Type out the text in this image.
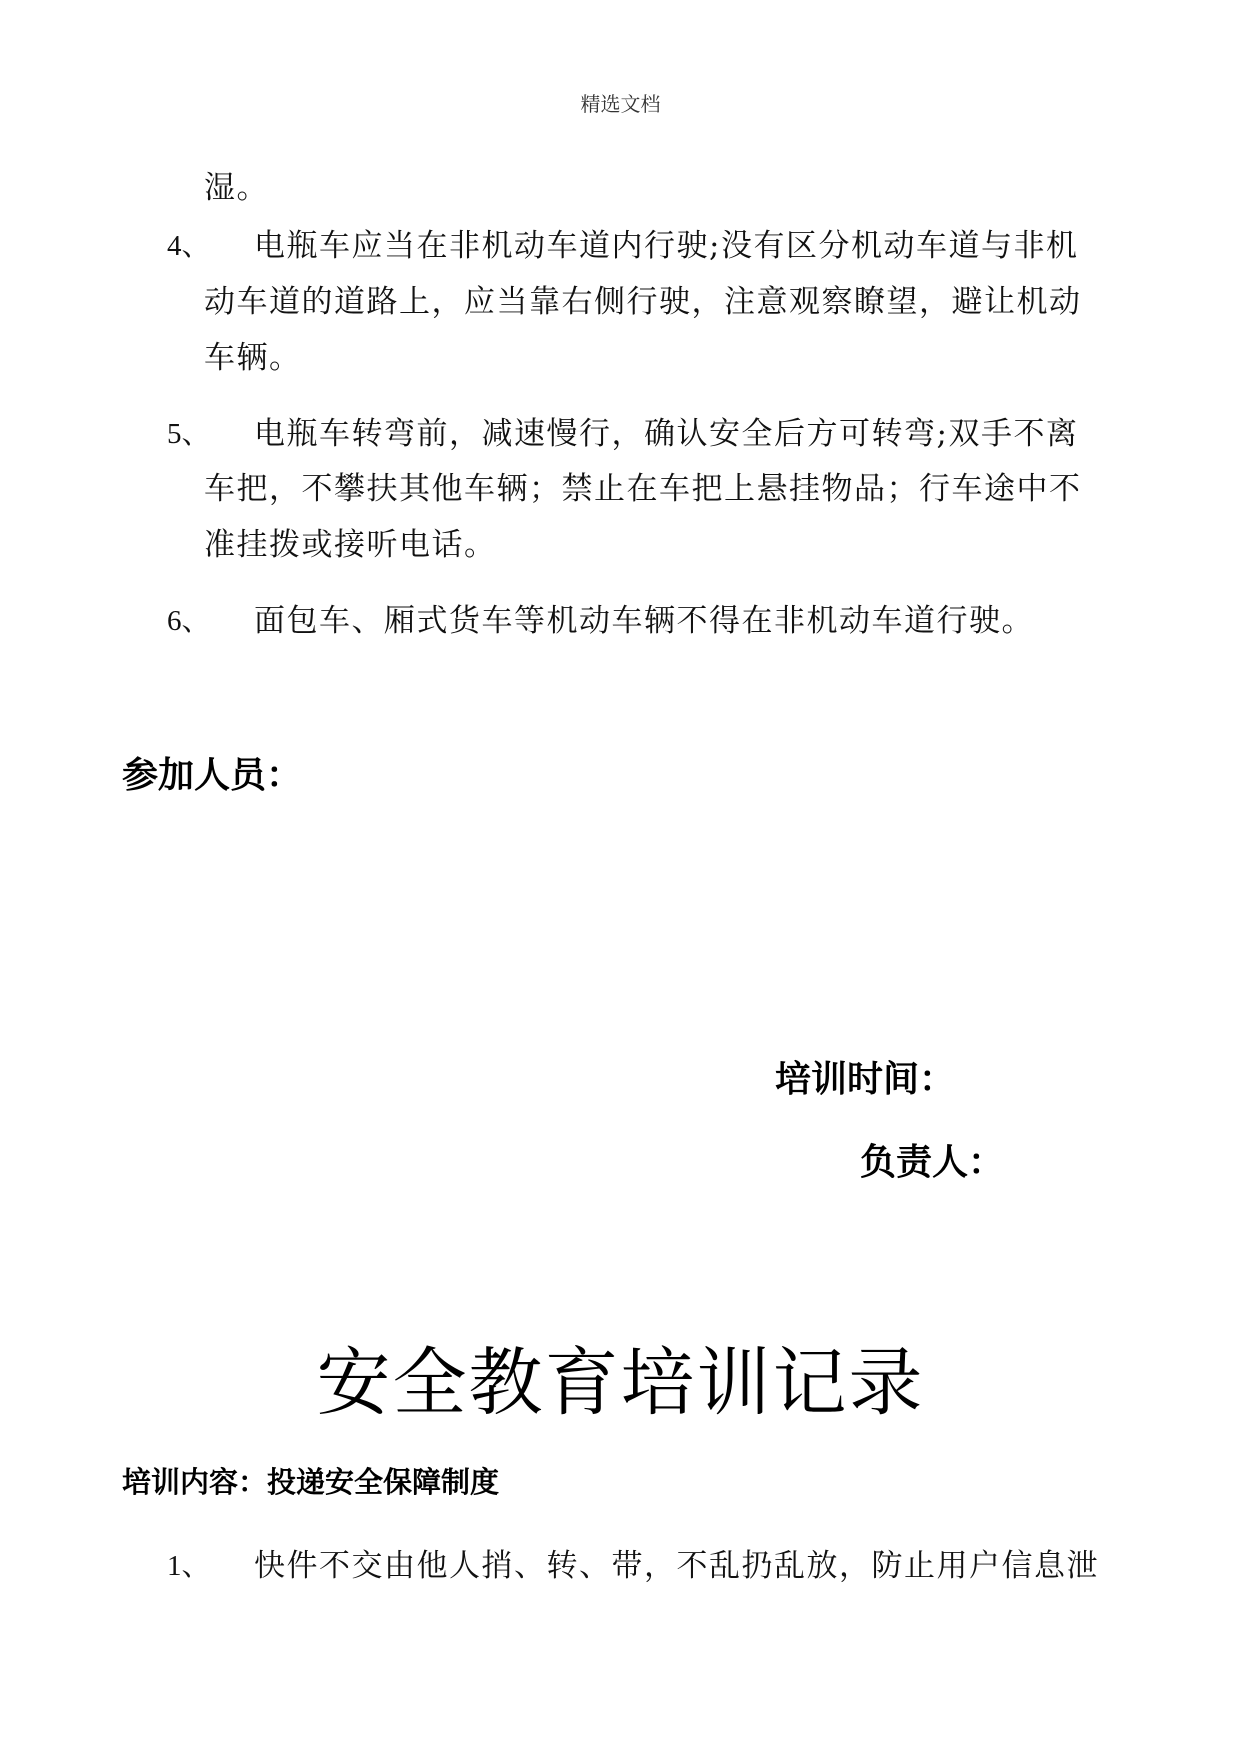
精选文档
湿。
4、 电瓶车应当在非机动车道内行驶;没有区分机动车道与非机
动车道的道路上，应当靠右侧行驶，注意观察瞭望，避让机动
车辆。
5、 电瓶车转弯前，减速慢行，确认安全后方可转弯;双手不离
车把，不攀扶其他车辆；禁止在车把上悬挂物品；行车途中不
准挂拨或接听电话。
6、 面包车、厢式货车等机动车辆不得在非机动车道行驶。
参加人员：
培训时间：
负责人：
安全教育培训记录
培训内容：投递安全保障制度
1、 快件不交由他人捎、转、带，不乱扔乱放，防止用户信息泄
